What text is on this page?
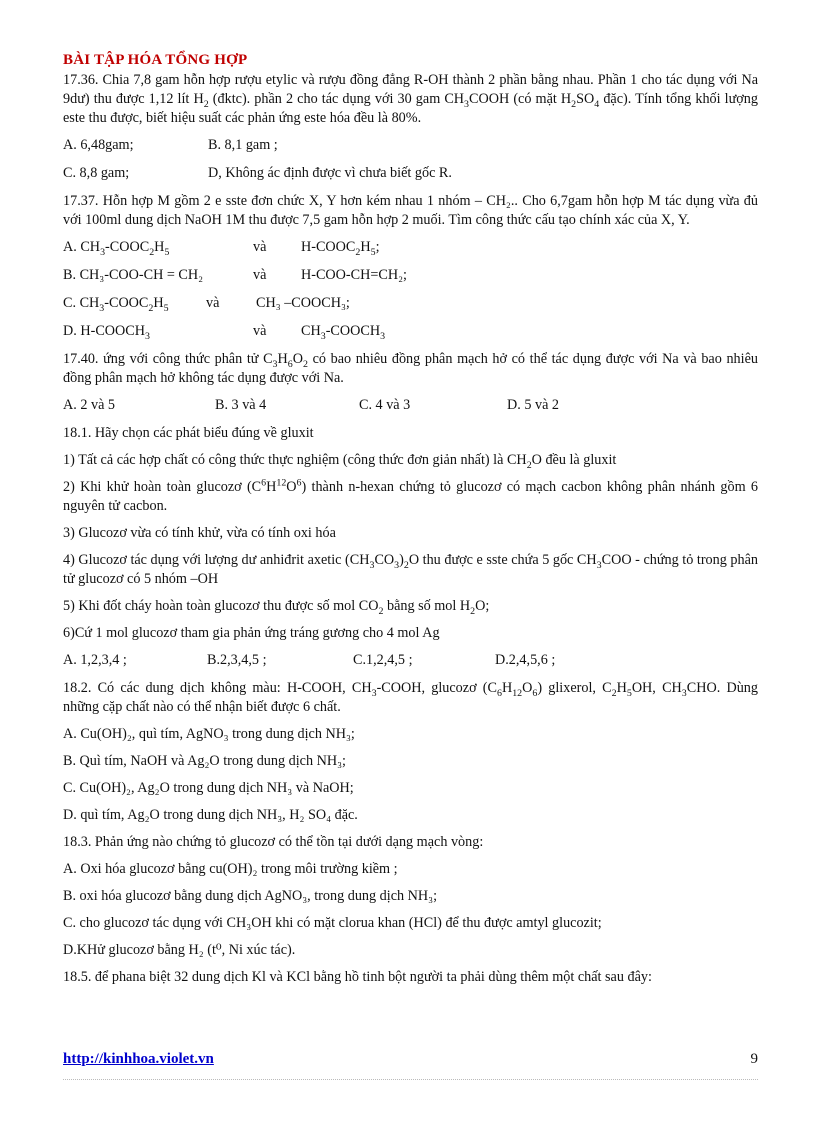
BÀI TẬP HÓA TỔNG HỢP
17.36. Chia 7,8 gam hỗn hợp rượu etylic và rượu đồng đẳng R-OH thành 2 phần bằng nhau. Phần 1 cho tác dụng với Na 9dư) thu được 1,12 lít $H_2$ (đktc). phần 2 cho tác dụng với 30 gam $CH_3COOH$ (có mặt $H_2SO_4$ đặc). Tính tổng khối lượng este thu được, biết hiệu suất các phản ứng este hóa đều là 80%.
A. 6,48gam;	B. 8,1 gam ;
C. 8,8 gam;	D, Không ác định được vì chưa biết gốc R.
17.37. Hỗn hợp M gồm 2 e sste đơn chức X, Y hơn kém nhau 1 nhóm – CH₂.. Cho 6,7gam hỗn hợp M tác dụng vừa đủ với 100ml dung dịch NaOH 1M thu được 7,5 gam hỗn hợp 2 muối. Tìm công thức cấu tạo chính xác của X, Y.
A. $CH_3-COOC_2H_5$	và	$H-COOC_2H_5$;
B. CH₃-COO-CH = CH₂	và	H-COO-CH=CH₂;
C. $CH_3-COOC_2H_5$	và	CH₃ –COOCH₃;
D. $H-COOCH_3$	và	$CH_3-COOCH_3$
17.40. ứng với công thức phân tử $C_3H_6O_2$ có bao nhiêu đồng phân mạch hở có thể tác dụng được với Na và bao nhiêu đồng phân mạch hở không tác dụng được với Na.
A. 2 và 5	B. 3 và 4	C. 4 và 3	D. 5 và 2
18.1. Hãy chọn các phát biểu đúng về gluxit
1) Tất cả các hợp chất có công thức thực nghiệm (công thức đơn giản nhất) là $CH_2O$ đều là gluxit
2) Khi khử hoàn toàn glucozơ $(C^6H^{12}O^6)$ thành n-hexan chứng tỏ glucozơ có mạch cacbon không phân nhánh gồm 6 nguyên tử cacbon.
3) Glucozơ vừa có tính khử, vừa có tính oxi hóa
4) Glucozơ tác dụng với lượng dư anhiđrit axetic $(CH_3CO_3)_2O$ thu được e sste chứa 5 gốc $CH_3COO$ - chứng tỏ trong phân tử glucozơ có 5 nhóm –OH
5) Khi đốt cháy hoàn toàn glucozơ thu được số mol $CO_2$ bằng số mol $H_2O$;
6)Cứ 1 mol glucozơ tham gia phản ứng tráng gương cho 4 mol Ag
A. 1,2,3,4 ;	B.2,3,4,5 ;	C.1,2,4,5 ;	D.2,4,5,6 ;
18.2. Có các dung dịch không màu: H-COOH, $CH_3$-COOH, glucozơ $(C_6H_{12}O_6)$ glixerol, $C_2H_5OH$, $CH_3CHO$. Dùng những cặp chất nào có thể nhận biết được 6 chất.
A. Cu(OH)₂, quì tím, AgNO₃ trong dung dịch NH₃;
B. Quì tím, NaOH và Ag₂O trong dung dịch NH₃;
C. Cu(OH)₂, Ag₂O trong dung dịch NH₃ và NaOH;
D. quì tím, Ag₂O trong dung dịch NH₃, H₂ SO₄ đặc.
18.3. Phản ứng nào chứng tỏ glucozơ có thể tồn tại dưới dạng mạch vòng:
A. Oxi hóa glucozơ bằng cu(OH)₂ trong môi trường kiềm ;
B. oxi hóa glucozơ bằng dung dịch AgNO₃, trong dung dịch NH₃;
C. cho glucozơ tác dụng với CH₃OH khi có mặt clorua khan (HCl) để thu được amtyl glucozit;
D.KHử glucozơ bằng H₂ (t⁰, Ni xúc tác).
18.5. để phana biệt 32 dung dịch Kl và KCl bằng hồ tinh bột người ta phải dùng thêm một chất sau đây:
http://kinhhoa.violet.vn	9
